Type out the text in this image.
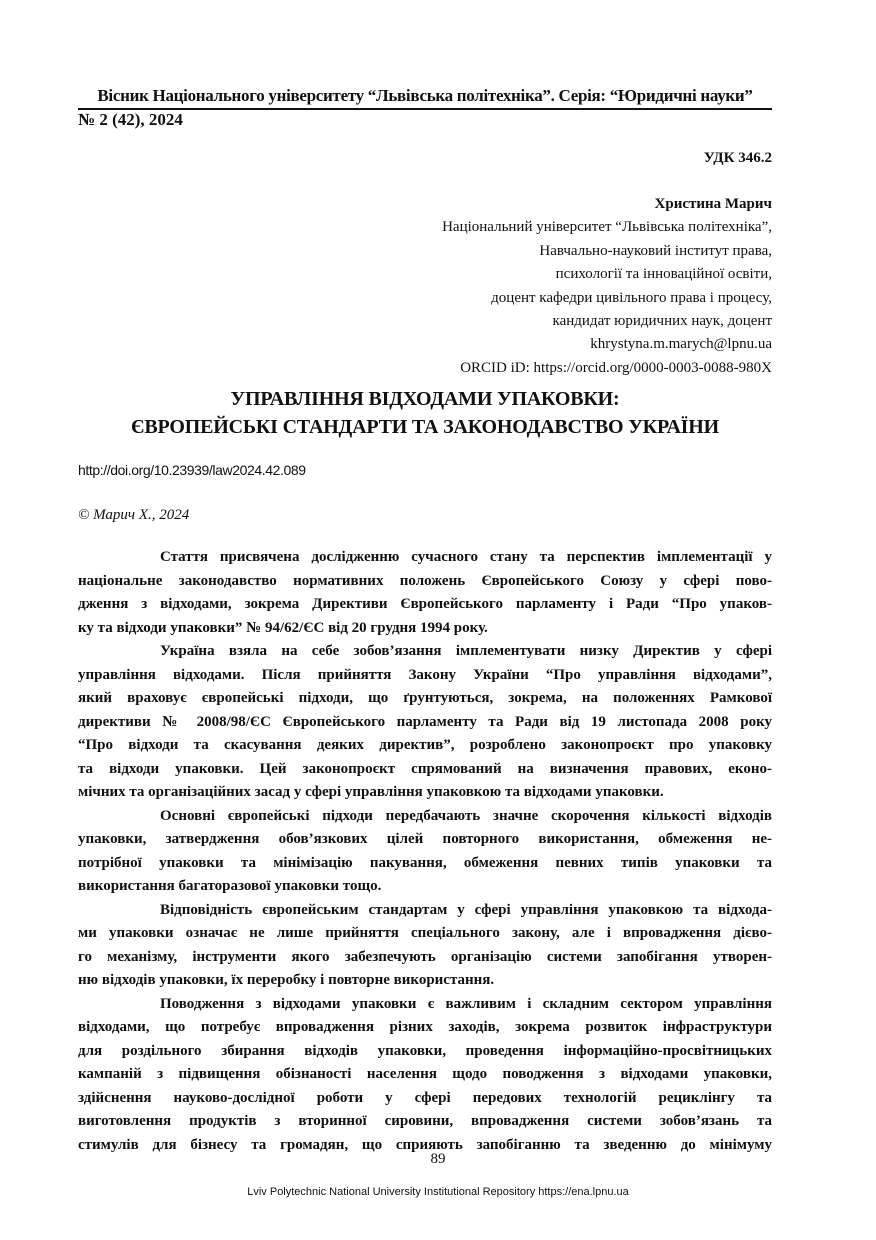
Вісник Національного університету “Львівська політехніка”. Серія: “Юридичні науки”
№ 2 (42), 2024
УДК 346.2
Христина Марич
Національний університет “Львівська політехніка”,
Навчально-науковий інститут права,
психології та інноваційної освіти,
доцент кафедри цивільного права і процесу,
кандидат юридичних наук, доцент
khrystyna.m.marych@lpnu.ua
ORCID iD: https://orcid.org/0000-0003-0088-980X
УПРАВЛІННЯ ВІДХОДАМИ УПАКОВКИ:
ЄВРОПЕЙСЬКІ СТАНДАРТИ ТА ЗАКОНОДАВСТВО УКРАЇНИ
http://doi.org/10.23939/law2024.42.089
© Марич Х., 2024
Стаття присвячена дослідженню сучасного стану та перспектив імплементації у
національне законодавство нормативних положень Європейського Союзу у сфері пово-
дження з відходами, зокрема Директиви Європейського парламенту і Ради “Про упаков-
ку та відходи упаковки” № 94/62/ЄС від 20 грудня 1994 року.
Україна взяла на себе зобов’язання імплементувати низку Директив у сфері
управління відходами. Після прийняття Закону України “Про управління відходами”,
який враховує європейські підходи, що ґрунтуються, зокрема, на положеннях Рамкової
директиви № 2008/98/ЄС Європейського парламенту та Ради від 19 листопада 2008 року
“Про відходи та скасування деяких директив”, розроблено законопроєкт про упаковку
та відходи упаковки. Цей законопроєкт спрямований на визначення правових, еконо-
мічних та організаційних засад у сфері управління упаковкою та відходами упаковки.
Основні європейські підходи передбачають значне скорочення кількості відходів
упаковки, затвердження обов’язкових цілей повторного використання, обмеження не-
потрібної упаковки та мінімізацію пакування, обмеження певних типів упаковки та
використання багаторазової упаковки тощо.
Відповідність європейським стандартам у сфері управління упаковкою та відхода-
ми упаковки означає не лише прийняття спеціального закону, але і впровадження дієво-
го механізму, інструменти якого забезпечують організацію системи запобігання утворен-
ню відходів упаковки, їх переробку і повторне використання.
Поводження з відходами упаковки є важливим і складним сектором управління
відходами, що потребує впровадження різних заходів, зокрема розвиток інфраструктури
для роздільного збирання відходів упаковки, проведення інформаційно-просвітницьких
кампаній з підвищення обізнаності населення щодо поводження з відходами упаковки,
здійснення науково-дослідної роботи у сфері передових технологій рециклінгу та
виготовлення продуктів з вторинної сировини, впровадження системи зобов’язань та
стимулів для бізнесу та громадян, що сприяють запобіганню та зведенню до мінімуму
89
Lviv Polytechnic National University Institutional Repository https://ena.lpnu.ua
